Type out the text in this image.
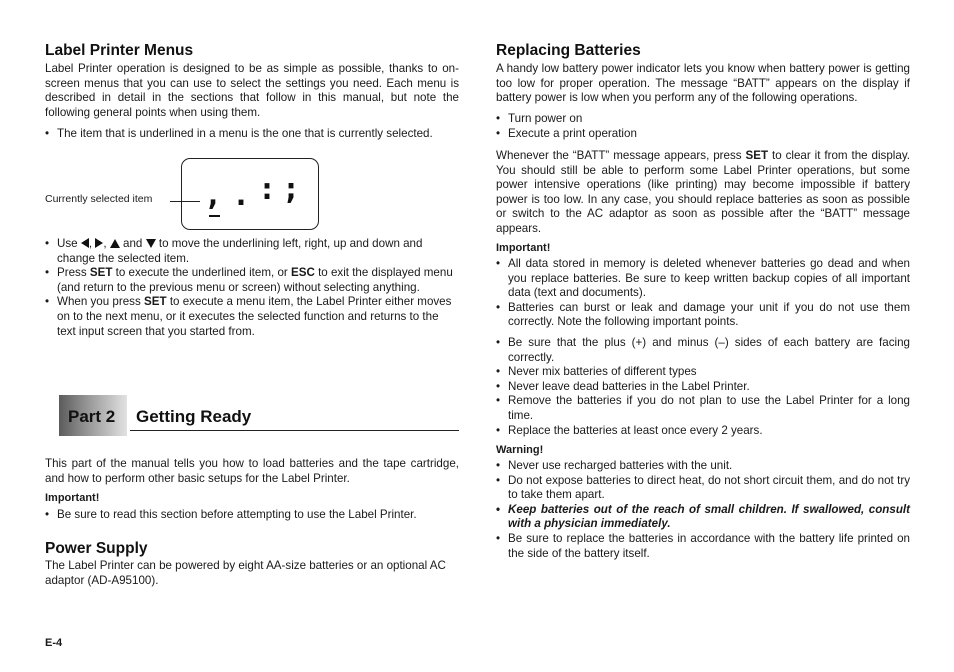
Label Printer Menus

Label Printer operation is designed to be as simple as possible, thanks to on-screen menus that you can use to select the settings you need. Each menu is described in detail in the sections that follow in this manual, but note the following general points when using them.

• The item that is underlined in a menu is the one that is currently selected.
Currently selected item , . : ;
• Use , , and to move the underlining left, right, up and down and change the selected item.
• Press SET to execute the underlined item, or ESC to exit the displayed menu (and return to the previous menu or screen) without selecting anything.
• When you press SET to execute a menu item, the Label Printer either moves on to the next menu, or it executes the selected function and returns to the text input screen that you started from.
Part 2 Getting Ready

This part of the manual tells you how to load batteries and the tape cartridge, and how to perform other basic setups for the Label Printer.

Important!
• Be sure to read this section before attempting to use the Label Printer.
Power Supply

The Label Printer can be powered by eight AA-size batteries or an optional AC adaptor (AD-A95100).

E-4
Replacing Batteries

A handy low battery power indicator lets you know when battery power is getting too low for proper operation. The message “BATT” appears on the display if battery power is low when you perform any of the following operations.

• Turn power on
• Execute a print operation

Whenever the “BATT” message appears, press SET to clear it from the display. You should still be able to perform some Label Printer operations, but some power intensive operations (like printing) may become impossible if battery power is too low. In any case, you should replace batteries as soon as possible or switch to the AC adaptor as soon as possible after the “BATT” message appears.

Important!
• All data stored in memory is deleted whenever batteries go dead and when you replace batteries. Be sure to keep written backup copies of all important data (text and documents).
• Batteries can burst or leak and damage your unit if you do not use them correctly. Note the following important points.
• Be sure that the plus (+) and minus (–) sides of each battery are facing correctly.
• Never mix batteries of different types
• Never leave dead batteries in the Label Printer.
• Remove the batteries if you do not plan to use the Label Printer for a long time.
• Replace the batteries at least once every 2 years.
Warning!
• Never use recharged batteries with the unit.
• Do not expose batteries to direct heat, do not short circuit them, and do not try to take them apart.
• Keep batteries out of the reach of small children. If swallowed, consult with a physician immediately.
• Be sure to replace the batteries in accordance with the battery life printed on the side of the battery itself.
